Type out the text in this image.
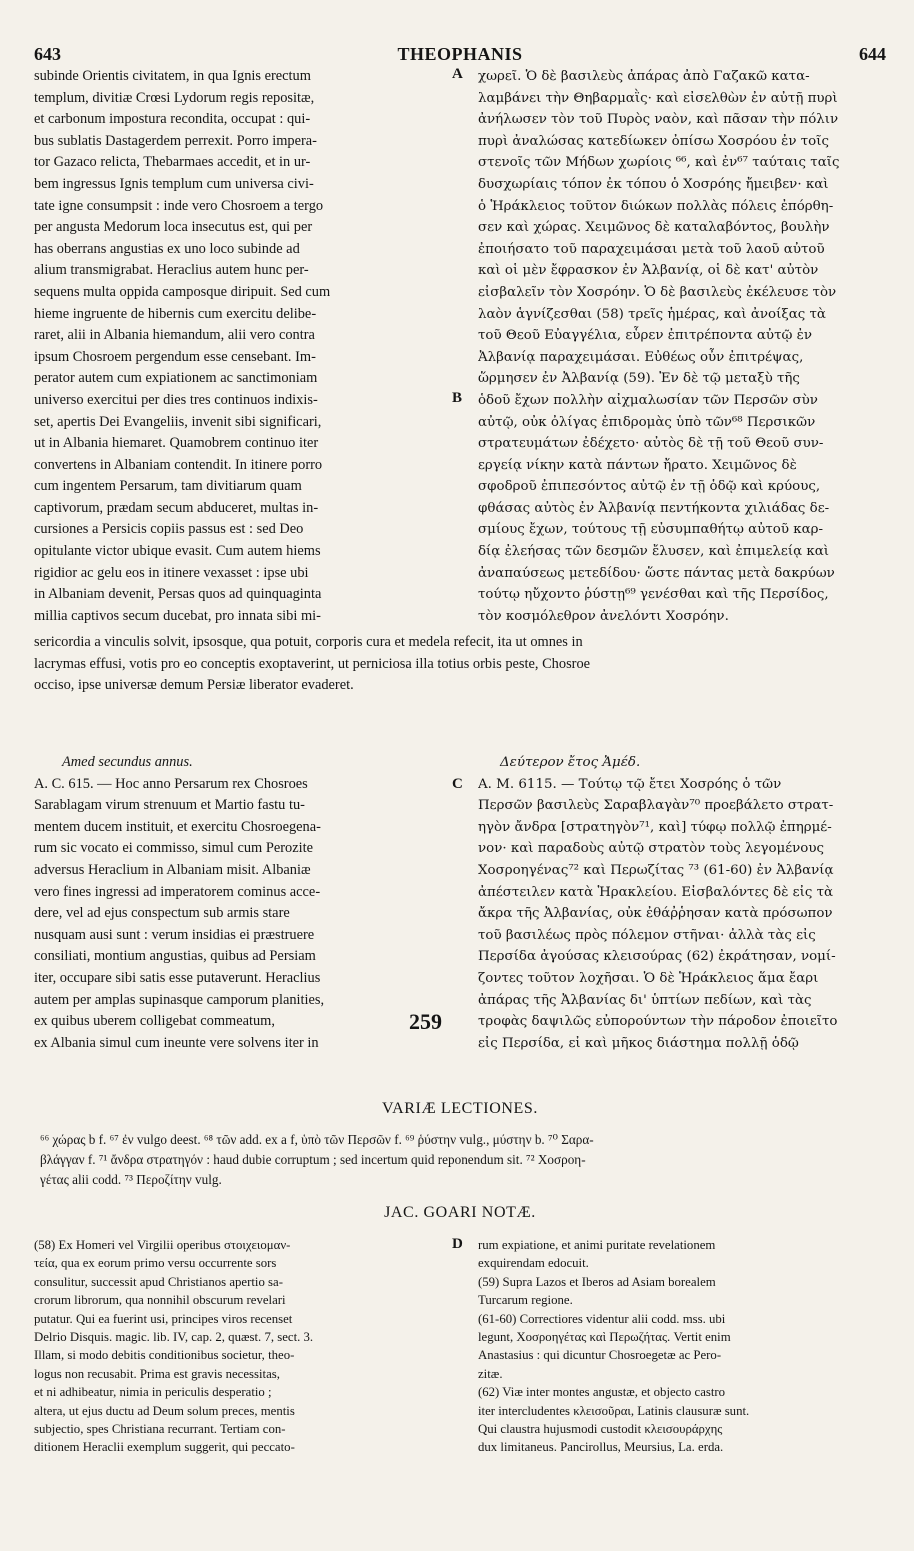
643	THEOPHANIS	644
subinde Orientis civitatem, in qua Ignis erectum
templum, divitiæ Crœsi Lydorum regis repositæ,
et carbonum impostura recondita, occupat : qui-
bus sublatis Dastagerdem perrexit. Porro impera-
tor Gazaco relicta, Thebarmaes accedit, et in ur-
bem ingressus Ignis templum cum universa civi-
tate igne consumpsit : inde vero Chosroem a tergo
per angusta Medorum loca insecutus est, qui per
has oberrans angustias ex uno loco subinde ad
alium transmigrabat. Heraclius autem hunc per-
sequens multa oppida camposque diripuit. Sed cum
hieme ingruente de hibernis cum exercitu delibe-
raret, alii in Albania hiemandum, alii vero contra
ipsum Chosroem pergendum esse censebant. Im-
perator autem cum expiationem ac sanctimoniam
universo exercitui per dies tres continuos indixis-
set, apertis Dei Evangeliis, invenit sibi significari,
ut in Albania hiemaret. Quamobrem continuo iter
convertens in Albaniam contendit. In itinere porro
cum ingentem Persarum, tam divitiarum quam
captivorum, prædam secum abduceret, multas in-
cursiones a Persicis copiis passus est : sed Deo
opitulante victor ubique evasit. Cum autem hiems
rigidior ac gelu eos in itinere vexasset : ipse ubi
in Albaniam devenit, Persas quos ad quinquaginta
millia captivos secum ducebat, pro innata sibi mi-
χωρεῖ. Ὁ δὲ βασιλεὺς ἀπάρας ἀπὸ Γαζακῶ κατα-
λαμβάνει τὴν Θηβαρμαῒς· καὶ εἰσελθὼν ἐν αὐτῇ πυρὶ
ἀνήλωσεν τὸν τοῦ Πυρὸς ναὸν, καὶ πᾶσαν τὴν πόλιν
πυρὶ ἀναλώσας κατεδίωκεν ὀπίσω Χοσρόου ἐν τοῖς
στενοῖς τῶν Μήδων χωρίοις ⁶⁶, καὶ ἐν⁶⁷ ταύταις ταῖς
δυσχωρίαις τόπον ἐκ τόπου ὁ Χοσρόης ἤμειβεν· καὶ
ὁ Ἡράκλειος τοῦτον διώκων πολλὰς πόλεις ἐπόρθη-
σεν καὶ χώρας. Χειμῶνος δὲ καταλαβόντος, βουλὴν
ἐποιήσατο τοῦ παραχειμάσαι μετὰ τοῦ λαοῦ αὐτοῦ
καὶ οἱ μὲν ἔφρασκον ἐν Ἀλβανίᾳ, οἱ δὲ κατ' αὐτὸν
εἰσβαλεῖν τὸν Χοσρόην. Ὁ δὲ βασιλεὺς ἐκέλευσε τὸν
λαὸν ἁγνίζεσθαι (58) τρεῖς ἡμέρας, καὶ ἀνοίξας τὰ
τοῦ Θεοῦ Εὐαγγέλια, εὗρεν ἐπιτρέποντα αὐτῷ ἐν
Ἀλβανίᾳ παραχειμάσαι. Εὐθέως οὖν ἐπιτρέψας,
ὥρμησεν ἐν Ἀλβανίᾳ (59). Ἐν δὲ τῷ μεταξὺ τῆς
ὁδοῦ ἔχων πολλὴν αἰχμαλωσίαν τῶν Περσῶν σὺν
αὐτῷ, οὐκ ὀλίγας ἐπιδρομὰς ὑπὸ τῶν⁶⁸ Περσικῶν
στρατευμάτων ἐδέχετο· αὐτὸς δὲ τῇ τοῦ Θεοῦ συν-
εργείᾳ νίκην κατὰ πάντων ἤρατο. Χειμῶνος δὲ
σφοδροῦ ἐπιπεσόντος αὐτῷ ἐν τῇ ὁδῷ καὶ κρύους,
φθάσας αὐτὸς ἐν Ἀλβανίᾳ πεντήκοντα χιλιάδας δε-
σμίους ἔχων, τούτους τῇ εὐσυμπαθήτῳ αὐτοῦ καρ-
δίᾳ ἐλεήσας τῶν δεσμῶν ἔλυσεν, καὶ ἐπιμελείᾳ καὶ
ἀναπαύσεως μετεδίδου· ὥστε πάντας μετὰ δακρύων
τούτῳ ηὔχοντο ῥύστῃ⁶⁹ γενέσθαι καὶ τῆς Περσίδος,
τὸν κοσμόλεθρον ἀνελόντι Χοσρόην.
A
B
sericordia a vinculis solvit, ipsosque, qua potuit, corporis cura et medela refecit, ita ut omnes in
lacrymas effusi, votis pro eo conceptis exoptaverint, ut perniciosa illa totius orbis peste, Chosroe
occiso, ipse universæ demum Persiæ liberator evaderet.
Amed secundus annus.
A. C. 615. — Hoc anno Persarum rex Chosroes
Sarablagam virum strenuum et Martio fastu tu-
mentem ducem instituit, et exercitu Chosroegena-
rum sic vocato ei commisso, simul cum Perozite
adversus Heraclium in Albaniam misit. Albaniæ
vero fines ingressi ad imperatorem cominus acce-
dere, vel ad ejus conspectum sub armis stare
nusquam ausi sunt : verum insidias ei præstruere
consiliati, montium angustias, quibus ad Persiam
iter, occupare sibi satis esse putaverunt. Heraclius
autem per amplas supinasque camporum planities,
259
ex quibus uberem colligebat commeatum,
ex Albania simul cum ineunte vere solvens iter in
Δεύτερον ἔτος Ἀμέδ.
Α. Μ. 6115. — Τούτῳ τῷ ἔτει Χοσρόης ὁ τῶν
Περσῶν βασιλεὺς Σαραβλαγὰν⁷⁰ προεβάλετο στρατ-
ηγὸν ἄνδρα [στρατηγὸν⁷¹, καὶ] τύφῳ πολλῷ ἐπηρμέ-
νον· καὶ παραδοὺς αὐτῷ στρατὸν τοὺς λεγομένους
Χοσροηγένας⁷² καὶ Περωζίτας ⁷³ (61-60) ἐν Ἀλβανίᾳ
ἀπέστειλεν κατὰ Ἡρακλείου. Εἰσβαλόντες δὲ εἰς τὰ
ἄκρα τῆς Ἀλβανίας, οὐκ ἐθάῤῥησαν κατὰ πρόσωπον
τοῦ βασιλέως πρὸς πόλεμον στῆναι· ἀλλὰ τὰς εἰς
Περσίδα ἀγούσας κλεισούρας (62) ἐκράτησαν, νομί-
ζοντες τοῦτον λοχῆσαι. Ὁ δὲ Ἡράκλειος ἅμα ἔαρι
ἀπάρας τῆς Ἀλβανίας δι' ὑπτίων πεδίων, καὶ τὰς
τροφὰς δαψιλῶς εὐπορούντων τὴν πάροδον ἐποιεῖτο
εἰς Περσίδα, εἰ καὶ μῆκος διάστημα πολλῇ ὁδῷ
C
VARIÆ LECTIONES.
⁶⁶ χώρας b f. ⁶⁷ ἐν vulgo deest. ⁶⁸ τῶν add. ex a f, ὑπὸ τῶν Περσῶν f. ⁶⁹ ῥύστην vulg., μύστην b. ⁷⁰ Σαρα-
βλάγγαν f. ⁷¹ ἄνδρα στρατηγόν : haud dubie corruptum ; sed incertum quid reponendum sit. ⁷² Χοσροη-
γέτας alii codd. ⁷³ Περοζίτην vulg.
JAC. GOARI NOTÆ.
(58) Ex Homeri vel Virgilii operibus στοιχειομαν-
τεία, qua ex eorum primo versu occurrente sors
consulitur, successit apud Christianos apertio sa-
crorum librorum, qua nonnihil obscurum revelari
putatur. Qui ea fuerint usi, principes viros recenset
Delrio Disquis. magic. lib. IV, cap. 2, quæst. 7, sect. 3.
Illam, si modo debitis conditionibus societur, theo-
logus non recusabit. Prima est gravis necessitas,
et ni adhibeatur, nimia in periculis desperatio ;
altera, ut ejus ductu ad Deum solum preces, mentis
subjectio, spes Christiana recurrant. Tertiam con-
ditionem Heraclii exemplum suggerit, qui peccato-
rum expiatione, et animi puritate revelationem
exquirendam edocuit.
(59) Supra Lazos et Iberos ad Asiam borealem
Turcarum regione.
(61-60) Correctiores videntur alii codd. mss. ubi
legunt, Χοσροηγέτας καὶ Περωζήτας. Vertit enim
Anastasius : qui dicuntur Chosroegetæ ac Pero-
zitæ.
(62) Viæ inter montes angustæ, et objecto castro
iter intercludentes κλεισοῦραι, Latinis clausuræ sunt.
Qui claustra hujusmodi custodit κλεισουράρχης
dux limitaneus. Pancirollus, Meursius, La. erda.
D
